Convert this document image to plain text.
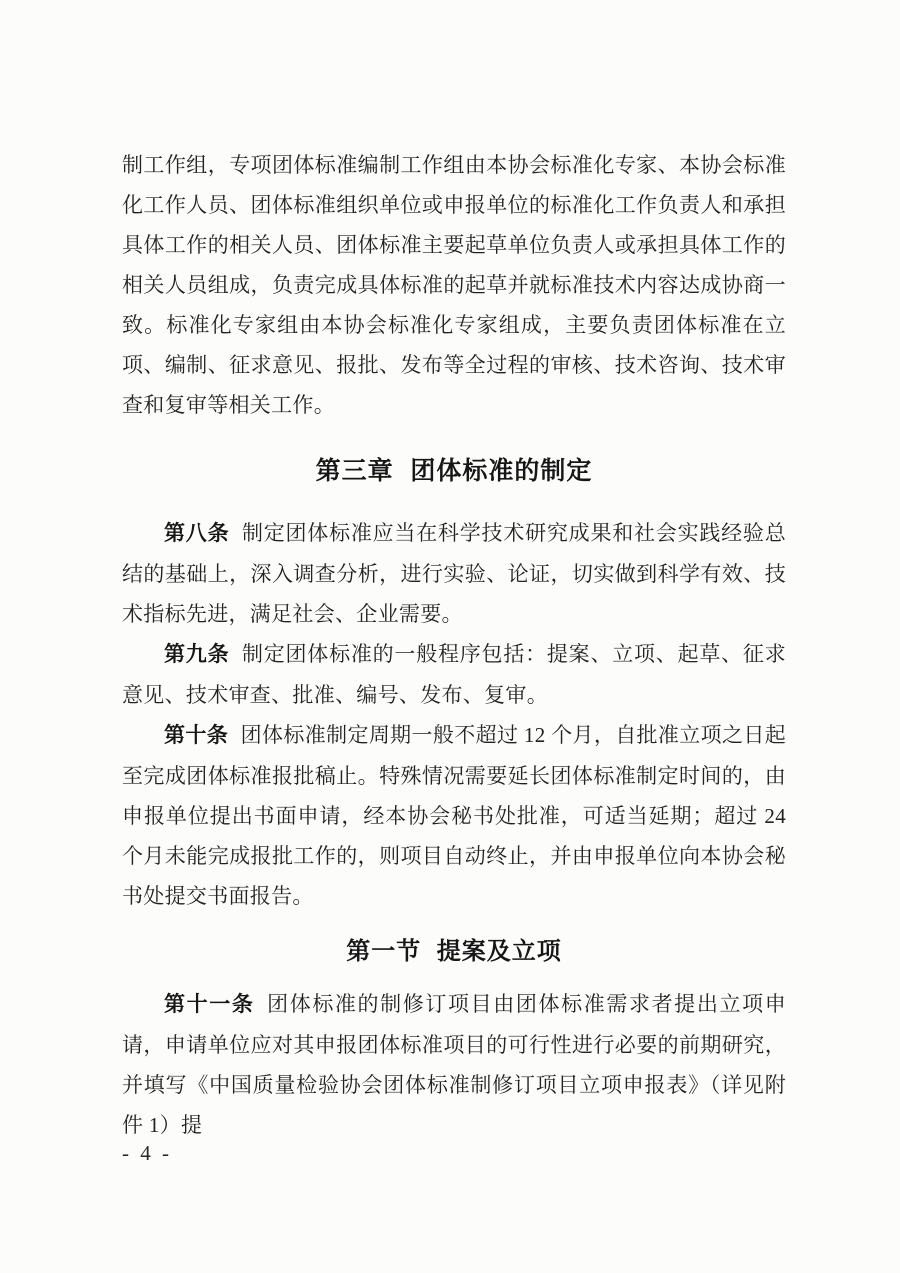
制工作组，专项团体标准编制工作组由本协会标准化专家、本协会标准化工作人员、团体标准组织单位或申报单位的标准化工作负责人和承担具体工作的相关人员、团体标准主要起草单位负责人或承担具体工作的相关人员组成，负责完成具体标准的起草并就标准技术内容达成协商一致。标准化专家组由本协会标准化专家组成，主要负责团体标准在立项、编制、征求意见、报批、发布等全过程的审核、技术咨询、技术审查和复审等相关工作。

第三章 团体标准的制定

第八条 制定团体标准应当在科学技术研究成果和社会实践经验总结的基础上，深入调查分析，进行实验、论证，切实做到科学有效、技术指标先进，满足社会、企业需要。

第九条 制定团体标准的一般程序包括：提案、立项、起草、征求意见、技术审查、批准、编号、发布、复审。

第十条 团体标准制定周期一般不超过 12 个月，自批准立项之日起至完成团体标准报批稿止。特殊情况需要延长团体标准制定时间的，由申报单位提出书面申请，经本协会秘书处批准，可适当延期；超过 24 个月未能完成报批工作的，则项目自动终止，并由申报单位向本协会秘书处提交书面报告。

第一节 提案及立项

第十一条 团体标准的制修订项目由团体标准需求者提出立项申请，申请单位应对其申报团体标准项目的可行性进行必要的前期研究，并填写《中国质量检验协会团体标准制修订项目立项申报表》（详见附件 1）提

- 4 -
